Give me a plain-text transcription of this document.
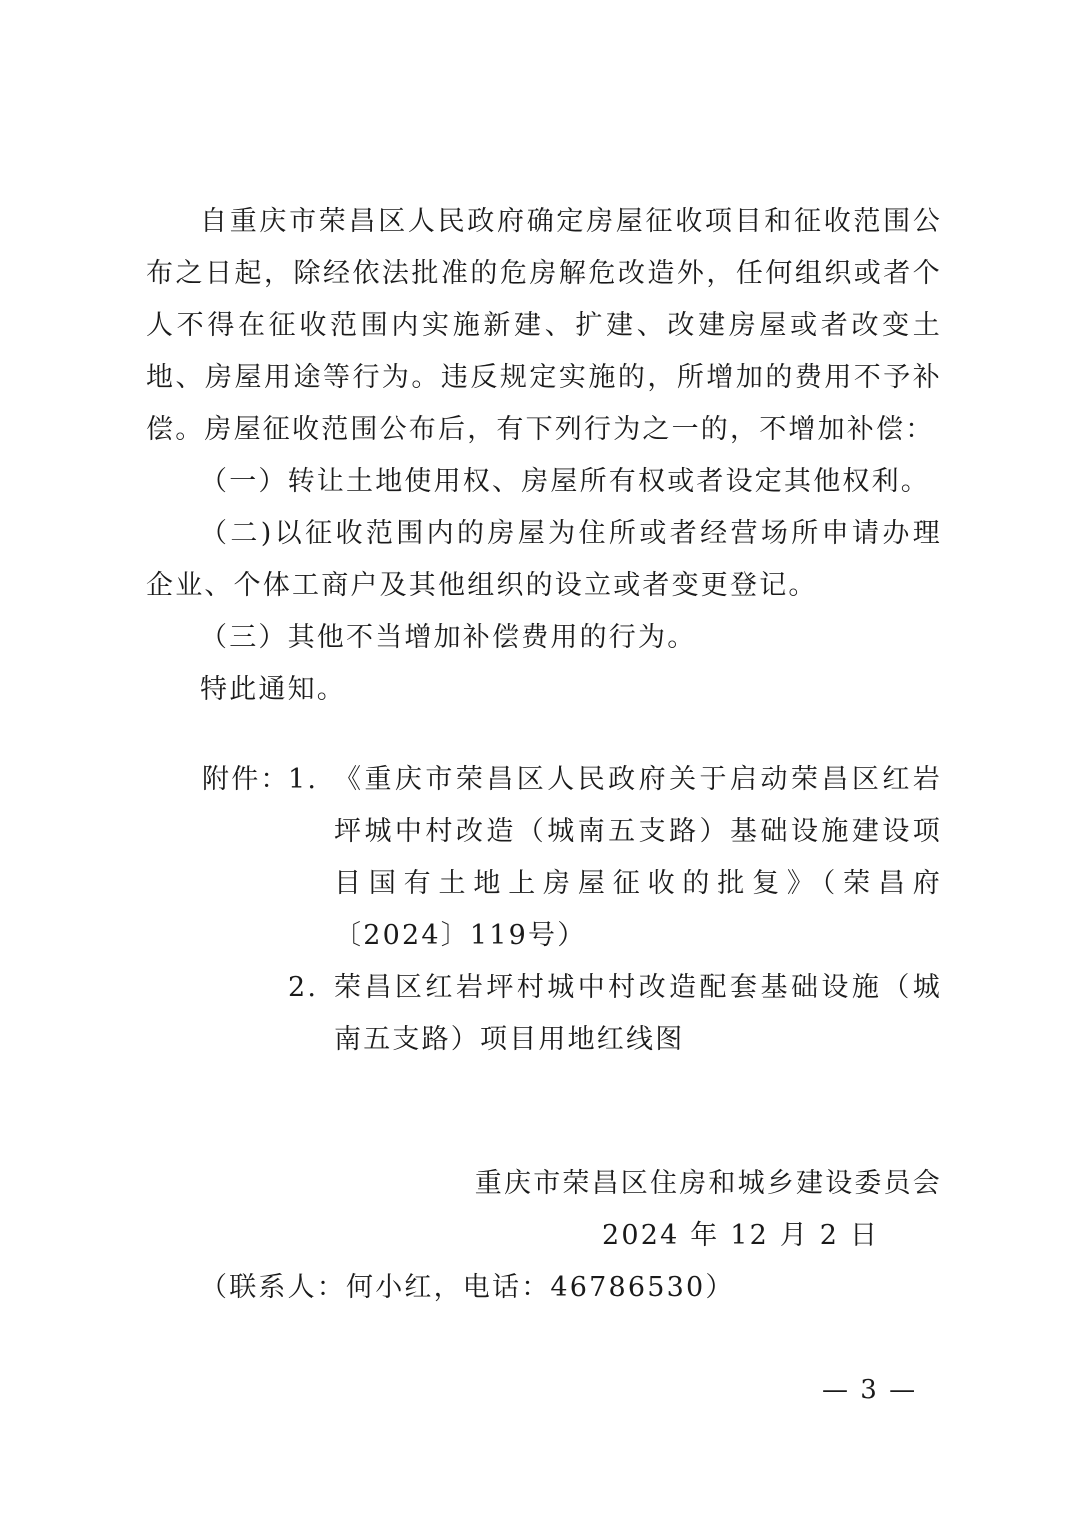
自重庆市荣昌区人民政府确定房屋征收项目和征收范围公布之日起，除经依法批准的危房解危改造外，任何组织或者个人不得在征收范围内实施新建、扩建、改建房屋或者改变土地、房屋用途等行为。违反规定实施的，所增加的费用不予补偿。房屋征收范围公布后，有下列行为之一的，不增加补偿：

（一）转让土地使用权、房屋所有权或者设定其他权利。

（二)以征收范围内的房屋为住所或者经营场所申请办理企业、个体工商户及其他组织的设立或者变更登记。

（三）其他不当增加补偿费用的行为。

特此通知。

附件：
1. 《重庆市荣昌区人民政府关于启动荣昌区红岩坪城中村改造（城南五支路）基础设施建设项目国有土地上房屋征收的批复》（荣昌府〔2024〕119号）
2. 荣昌区红岩坪村城中村改造配套基础设施（城南五支路）项目用地红线图
重庆市荣昌区住房和城乡建设委员会
2024 年 12 月 2 日
（联系人：何小红，电话：46786530）
— 3 —
